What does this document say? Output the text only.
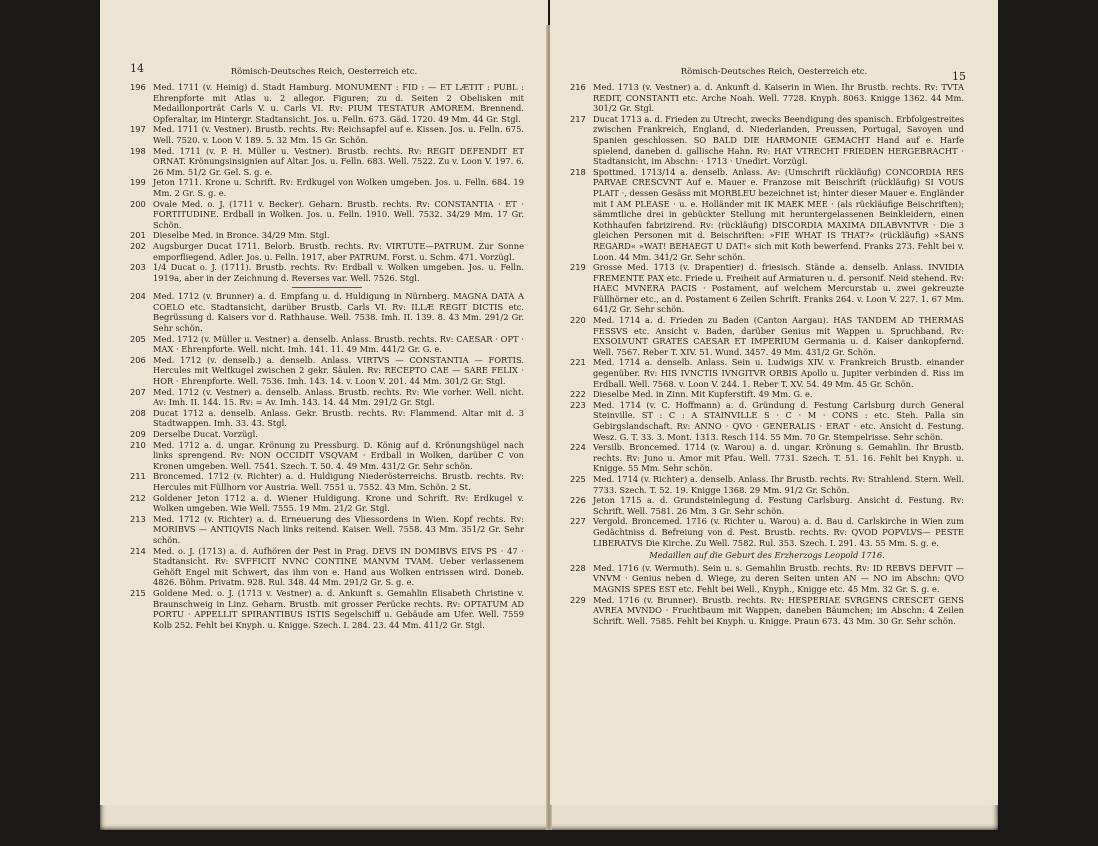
14	Römisch-Deutsches Reich, Oesterreich etc.
196 Med. 1711 (v. Heinig) d. Stadt Hamburg. MONUMENT : FID : — ET LÆTIT : PUBL : Ehrenpforte mit Atlas u. 2 allegor. Figuren; zu d. Seiten 2 Obelisken mit Medaillonporträt Carls V. u. Carls VI. Rv: PIUM TESTATUR AMOREM. Brennend. Opferaltar, im Hintergr. Stadtansicht. Jos. u. Felln. 673. Gäd. 1720. 49 Mm. 44 Gr. Stgl.
197 Med. 1711 (v. Vestner). Brustb. rechts. Rv: Reichsapfel auf e. Kissen. Jos. u. Felln. 675. Well. 7520. v. Loon V. 189. 5. 32 Mm. 15 Gr. Schön.
198 Med. 1711 (v. P. H. Müller u. Vestner). Brustb. rechts. Rv: REGIT DEFENDIT ET ORNAT. Krönungsinsignien auf Altar. Jos. u. Felln. 683. Well. 7522. Zu v. Loon V. 197. 6. 26 Mm. 51/2 Gr. Gel. S. g. e.
199 Jeton 1711. Krone u. Schrift. Rv: Erdkugel von Wolken umgeben. Jos. u. Felln. 684. 19 Mm. 2 Gr. S. g. e.
200 Ovale Med. o. J. (1711 v. Becker). Geharn. Brustb. rechts. Rv: CONSTANTIA · ET · FORTITUDINE. Erdball in Wolken. Jos. u. Felln. 1910. Well. 7532. 34/29 Mm. 17 Gr. Schön.
201 Dieselbe Med. in Bronce. 34/29 Mm. Stgl.
202 Augsburger Ducat 1711. Belorb. Brustb. rechts. Rv: VIRTUTE—PATRUM. Zur Sonne emporfliegend. Adler. Jos. u. Felln. 1917, aber PATRUM. Forst. u. Schm. 471. Vorzügl.
203 1/4 Ducat o. J. (1711). Brustb. rechts. Rv: Erdball v. Wolken umgeben. Jos. u. Felln. 1919a, aber in der Zeichnung d. Reverses var. Well. 7526. Stgl.
204 Med. 1712 (v. Brunner) a. d. Empfang u. d. Huldigung in Nürnberg. MAGNA DATA A COELO etc. Stadtansicht, darüber Brustb. Carls VI. Rv: ILLÆ REGIT DICTIS etc. Begrüssung d. Kaisers vor d. Rathhause. Well. 7538. Imh. II. 139. 8. 43 Mm. 291/2 Gr. Sehr schön.
205 Med. 1712 (v. Müller u. Vestner) a. denselb. Anlass. Brustb. rechts. Rv: CAESAR · OPT · MAX · Ehrenpforte. Well. nicht. Imh. 141. 11. 49 Mm. 441/2 Gr. G. e.
206 Med. 1712 (v. denselb.) a. denselb. Anlass. VIRTVS — CONSTANTIA — FORTIS. Hercules mit Weltkugel zwischen 2 gekr. Säulen. Rv: RECEPTO CAE — SARE FELIX · HOR · Ehrenpforte. Well. 7536. Imh. 143. 14. v. Loon V. 201. 44 Mm. 301/2 Gr. Stgl.
207 Med. 1712 (v. Vestner) a. denselb. Anlass. Brustb. rechts. Rv: Wie vorher. Well. nicht. Av: Imh. II. 144. 15. Rv: = Av. Imh. 143. 14. 44 Mm. 291/2 Gr. Stgl.
208 Ducat 1712 a. denselb. Anlass. Gekr. Brustb. rechts. Rv: Flammend. Altar mit d. 3 Stadtwappen. Imh. 33. 43. Stgl.
209 Derselbe Ducat. Vorzügl.
210 Med. 1712 a. d. ungar. Krönung zu Pressburg. D. König auf d. Krönungshügel nach links sprengend. Rv: NON OCCIDIT VSQVAM · Erdball in Wolken, darüber C von Kronen umgeben. Well. 7541. Szech. T. 50. 4. 49 Mm. 431/2 Gr. Sehr schön.
211 Broncemed. 1712 (v. Richter) a. d. Huldigung Niederösterreichs. Brustb. rechts. Rv: Hercules mit Füllhorn vor Austria. Well. 7551 u. 7552. 43 Mm. Schön. 2 St.
212 Goldener Jeton 1712 a. d. Wiener Huldigung. Krone und Schrift. Rv: Erdkugel v. Wolken umgeben. Wie Well. 7555. 19 Mm. 21/2 Gr. Stgl.
213 Med. 1712 (v. Richter) a. d. Erneuerung des Vliessordens in Wien. Kopf rechts. Rv: MORIBVS — ANTIQVIS Nach links reitend. Kaiser. Well. 7558. 43 Mm. 351/2 Gr. Sehr schön.
214 Med. o. J. (1713) a. d. Aufhören der Pest in Prag. DEVS IN DOMIBVS EIVS PS · 47 · Stadtansicht. Rv: SVFFICIT NVNC CONTINE MANVM TVAM. Ueber verlassenem Gehöft Engel mit Schwert, das ihm von e. Hand aus Wolken entrissen wird. Doneb. 4826. Böhm. Privatm. 928. Rul. 348. 44 Mm. 291/2 Gr. S. g. e.
215 Goldene Med. o. J. (1713 v. Vestner) a. d. Ankunft s. Gemahlin Elisabeth Christine v. Braunschweig in Linz. Geharn. Brustb. mit grosser Perücke rechts. Rv: OPTATUM AD PORTU · APPELLIT SPIRANTIBUS ISTIS Segelschiff u. Gebäude am Ufer. Well. 7559 Kolb 252. Fehlt bei Knyph. u. Knigge. Szech. I. 284. 23. 44 Mm. 411/2 Gr. Stgl.
15
Römisch-Deutsches Reich, Oesterreich etc.
216 Med. 1713 (v. Vestner) a. d. Ankunft d. Kaiserin in Wien. Ihr Brustb. rechts. Rv: TVTA REDIT, CONSTANTI etc. Arche Noah. Well. 7728. Knyph. 8063. Knigge 1362. 44 Mm. 301/2 Gr. Stgl.
217 Ducat 1713 a. d. Frieden zu Utrecht, zwecks Beendigung des spanisch. Erbfolgestreites zwischen Frankreich, England, d. Niederlanden, Preussen, Portugal, Savoyen und Spanien geschlossen. SO BALD DIE HARMONIE GEMACHT Hand auf e. Harfe spielend, daneben d. gallische Hahn. Rv: HAT VTRECHT FRIEDEN HERGEBRACHT · Stadtansicht, im Abschn: · 1713 · Unedirt. Vorzügl.
218 Spottmed. 1713/14 a. denselb. Anlass. Av: (Umschrift rückläufig) CONCORDIA RES PARVAE CRESCVNT Auf e. Mauer e. Franzose mit Beischrift (rückläufig) SI VOUS PLAIT ·, dessen Gesäss mit MORBLEU bezeichnet ist; hinter dieser Mauer e. Engländer mit I AM PLEASE · u. e. Holländer mit IK MAEK MEE · (als rückläufige Beischriften); sämmtliche drei in gebückter Stellung mit heruntergelassenen Beinkleidern, einen Kothhaufen fabrizirend. Rv: (rückläufig) DISCORDIA MAXIMA DILABVNTVR · Die 3 gleichen Personen mit d. Beischriften: »FIE WHAT IS THAT?« (rückläufig) »SANS REGARD« »WAT! BEHAEGT U DAT!« sich mit Koth bewerfend. Franks 273. Fehlt bei v. Loon. 44 Mm. 341/2 Gr. Sehr schön.
219 Grosse Med. 1713 (v. Drapentier) d. friesisch. Stände a. denselb. Anlass. INVIDIA FREMENTE PAX etc. Friede u. Freiheit auf Armaturen u. d. personif. Neid stehend. Rv: HAEC MVNERA PACIS · Postament, auf welchem Mercurstab u. zwei gekreuzte Füllhörner etc., an d. Postament 6 Zeilen Schrift. Franks 264. v. Loon V. 227. 1. 67 Mm. 641/2 Gr. Sehr schön.
220 Med. 1714 a. d. Frieden zu Baden (Canton Aargau). HAS TANDEM AD THERMAS FESSVS etc. Ansicht v. Baden, darüber Genius mit Wappen u. Spruchband. Rv: EXSOLVUNT GRATES CAESAR ET IMPERIUM Germania u. d. Kaiser dankopfernd. Well. 7567. Reber T. XIV. 51. Wund. 3457. 49 Mm. 431/2 Gr. Schön.
221 Med. 1714 a. denselb. Anlass. Sein u. Ludwigs XIV. v. Frankreich Brustb. einander gegenüber. Rv: HIS IVNCTIS IVNGITVR ORBIS Apollo u. Jupiter verbinden d. Riss im Erdball. Well. 7568. v. Loon V. 244. 1. Reber T. XV. 54. 49 Mm. 45 Gr. Schön.
222 Dieselbe Med. in Zinn. Mit Kupferstift. 49 Mm. G. e.
223 Med. 1714 (v. C. Hoffmann) a. d. Gründung d. Festung Carlsburg durch General Steinville. ST : C : A STAINVILLE S · C · M · CONS : etc. Steh. Palla sin Gebirgslandschaft. Rv: ANNO · QVO · GENERALIS · ERAT · etc. Ansicht d. Festung. Wesz. G. T. 33. 3. Mont. 1313. Resch 114. 55 Mm. 70 Gr. Stempelrisse. Sehr schön.
224 Versilb. Broncemed. 1714 (v. Warou) a. d. ungar. Krönung s. Gemahlin. Ihr Brustb. rechts. Rv: Juno u. Amor mit Pfau. Well. 7731. Szech. T. 51. 16. Fehlt bei Knyph. u. Knigge. 55 Mm. Sehr schön.
225 Med. 1714 (v. Richter) a. denselb. Anlass. Ihr Brustb. rechts. Rv: Strahlend. Stern. Well. 7733. Szech. T. 52. 19. Knigge 1368. 29 Mm. 91/2 Gr. Schön.
226 Jeton 1715 a. d. Grundsteinlegung d. Festung Carlsburg. Ansicht d. Festung. Rv: Schrift. Well. 7581. 26 Mm. 3 Gr. Sehr schön.
227 Vergold. Broncemed. 1716 (v. Richter u. Warou) a. d. Bau d. Carlskirche in Wien zum Gedächtniss d. Befreiung von d. Pest. Brustb. rechts. Rv: QVOD POPVLVS— PESTE LIBERATVS Die Kirche. Zu Well. 7582. Rul. 353. Szech. I. 291. 43. 55 Mm. S. g. e.
Medaillen auf die Geburt des Erzherzogs Leopold 1716.
228 Med. 1716 (v. Wermuth). Sein u. s. Gemahlin Brustb. rechts. Rv: ID REBVS DEFVIT — VNVM · Genius neben d. Wiege, zu deren Seiten unten AN — NO im Abschn: QVO MAGNIS SPES EST etc. Fehlt bei Well., Knyph., Knigge etc. 45 Mm. 32 Gr. S. g. e.
229 Med. 1716 (v. Brunner). Brustb. rechts. Rv: HESPERIAE SVRGENS CRESCET GENS AVREA MVNDO · Fruchtbaum mit Wappen, daneben Bäumchen; im Abschn: 4 Zeilen Schrift. Well. 7585. Fehlt bei Knyph. u. Knigge. Praun 673. 43 Mm. 30 Gr. Sehr schön.
